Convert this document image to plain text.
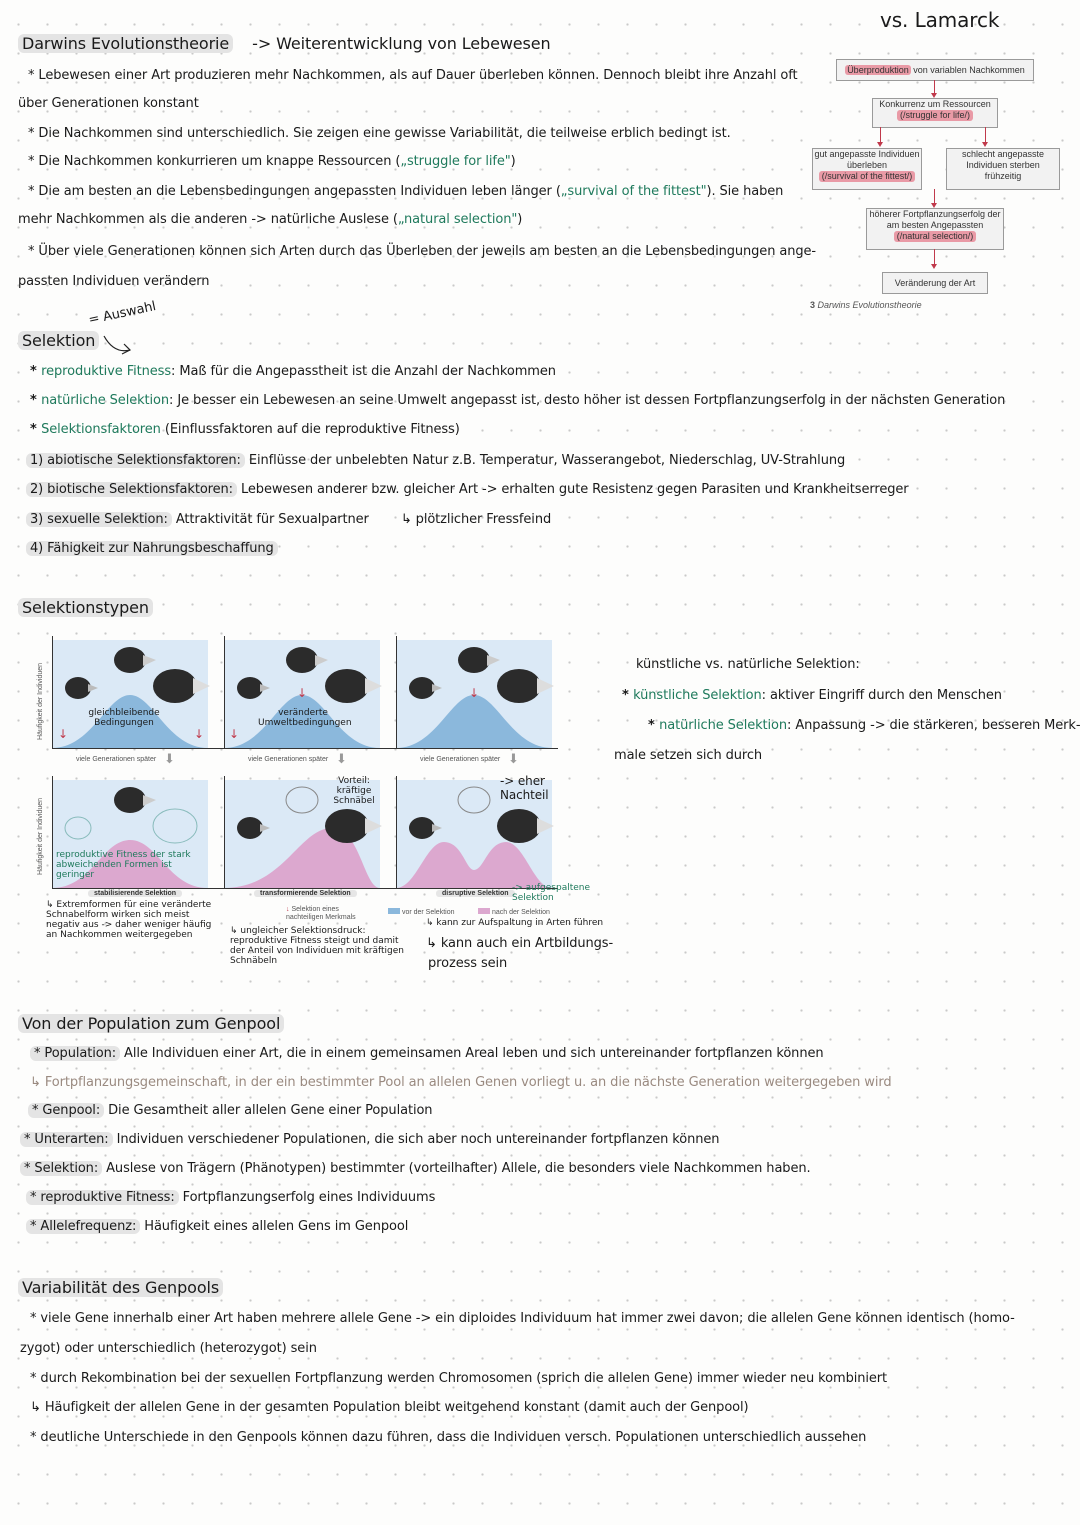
Darwins Evolutionstheorie -> Weiterentwicklung von Lebewesen
vs. Lamarck
* Lebewesen einer Art produzieren mehr Nachkommen, als auf Dauer überleben können. Dennoch bleibt ihre Anzahl oft
über Generationen konstant
* Die Nachkommen sind unterschiedlich. Sie zeigen eine gewisse Variabilität, die teilweise erblich bedingt ist.
* Die Nachkommen konkurrieren um knappe Ressourcen („struggle for life")
* Die am besten an die Lebensbedingungen angepassten Individuen leben länger („survival of the fittest"). Sie haben
mehr Nachkommen als die anderen -> natürliche Auslese („natural selection")
* Über viele Generationen können sich Arten durch das Überleben der jeweils am besten an die Lebensbedingungen ange-
passten Individuen verändern
Überproduktion von variablen Nachkommen
Konkurrenz um Ressourcen
(/struggle for life/)
gut angepasste Individuen überleben
(/survival of the fittest/)
schlecht angepasste Individuen sterben frühzeitig
höherer Fortpflanzungserfolg der am besten Angepassten
(/natural selection/)
Veränderung der Art
3 Darwins Evolutionstheorie
Selektion
= Auswahl
* reproduktive Fitness: Maß für die Angepasstheit ist die Anzahl der Nachkommen
* natürliche Selektion: Je besser ein Lebewesen an seine Umwelt angepasst ist, desto höher ist dessen Fortpflanzungserfolg in der nächsten Generation
* Selektionsfaktoren (Einflussfaktoren auf die reproduktive Fitness)
1) abiotische Selektionsfaktoren: Einflüsse der unbelebten Natur z.B. Temperatur, Wasserangebot, Niederschlag, UV-Strahlung
2) biotische Selektionsfaktoren: Lebewesen anderer bzw. gleicher Art -> erhalten gute Resistenz gegen Parasiten und Krankheitserreger
3) sexuelle Selektion: Attraktivität für Sexualpartner ↳ plötzlicher Fressfeind
4) Fähigkeit zur Nahrungsbeschaffung
Selektionstypen
Häufigkeit der Individuen
Häufigkeit der Individuen
↓	↓ ↓
↓	↓
gleichbleibende Bedingungen
veränderte Umweltbedingungen
reproduktive Fitness der stark abweichenden Formen ist geringer
Vorteil: kräftige Schnäbel
-> eher Nachteil
viele Generationen später	viele Generationen später	viele Generationen später
⬇	⬇	⬇
stabilisierende Selektion	transformierende Selektion	disruptive Selektion
-> aufgespaltene Selektion
↓ Selektion eines nachteiligen Merkmals
vor der Selektion	nach der Selektion
↳ Extremformen für eine veränderte Schnabelform wirken sich meist negativ aus -> daher weniger häufig an Nachkommen weitergegeben	↳ ungleicher Selektionsdruck: reproduktive Fitness steigt und damit der Anteil von Individuen mit kräftigen Schnäbeln
↳ kann zur Aufspaltung in Arten führen
↳ kann auch ein Artbildungs-
prozess sein
künstliche vs. natürliche Selektion:
* künstliche Selektion: aktiver Eingriff durch den Menschen
* natürliche Selektion: Anpassung -> die stärkeren, besseren Merk-
male setzen sich durch
Von der Population zum Genpool
* Population: Alle Individuen einer Art, die in einem gemeinsamen Areal leben und sich untereinander fortpflanzen können
↳ Fortpflanzungsgemeinschaft, in der ein bestimmter Pool an allelen Genen vorliegt u. an die nächste Generation weitergegeben wird
* Genpool: Die Gesamtheit aller allelen Gene einer Population
* Unterarten: Individuen verschiedener Populationen, die sich aber noch untereinander fortpflanzen können
* Selektion: Auslese von Trägern (Phänotypen) bestimmter (vorteilhafter) Allele, die besonders viele Nachkommen haben.
* reproduktive Fitness: Fortpflanzungserfolg eines Individuums
* Allelefrequenz: Häufigkeit eines allelen Gens im Genpool
Variabilität des Genpools
* viele Gene innerhalb einer Art haben mehrere allele Gene -> ein diploides Individuum hat immer zwei davon; die allelen Gene können identisch (homo-
zygot) oder unterschiedlich (heterozygot) sein
* durch Rekombination bei der sexuellen Fortpflanzung werden Chromosomen (sprich die allelen Gene) immer wieder neu kombiniert
↳ Häufigkeit der allelen Gene in der gesamten Population bleibt weitgehend konstant (damit auch der Genpool)
* deutliche Unterschiede in den Genpools können dazu führen, dass die Individuen versch. Populationen unterschiedlich aussehen
